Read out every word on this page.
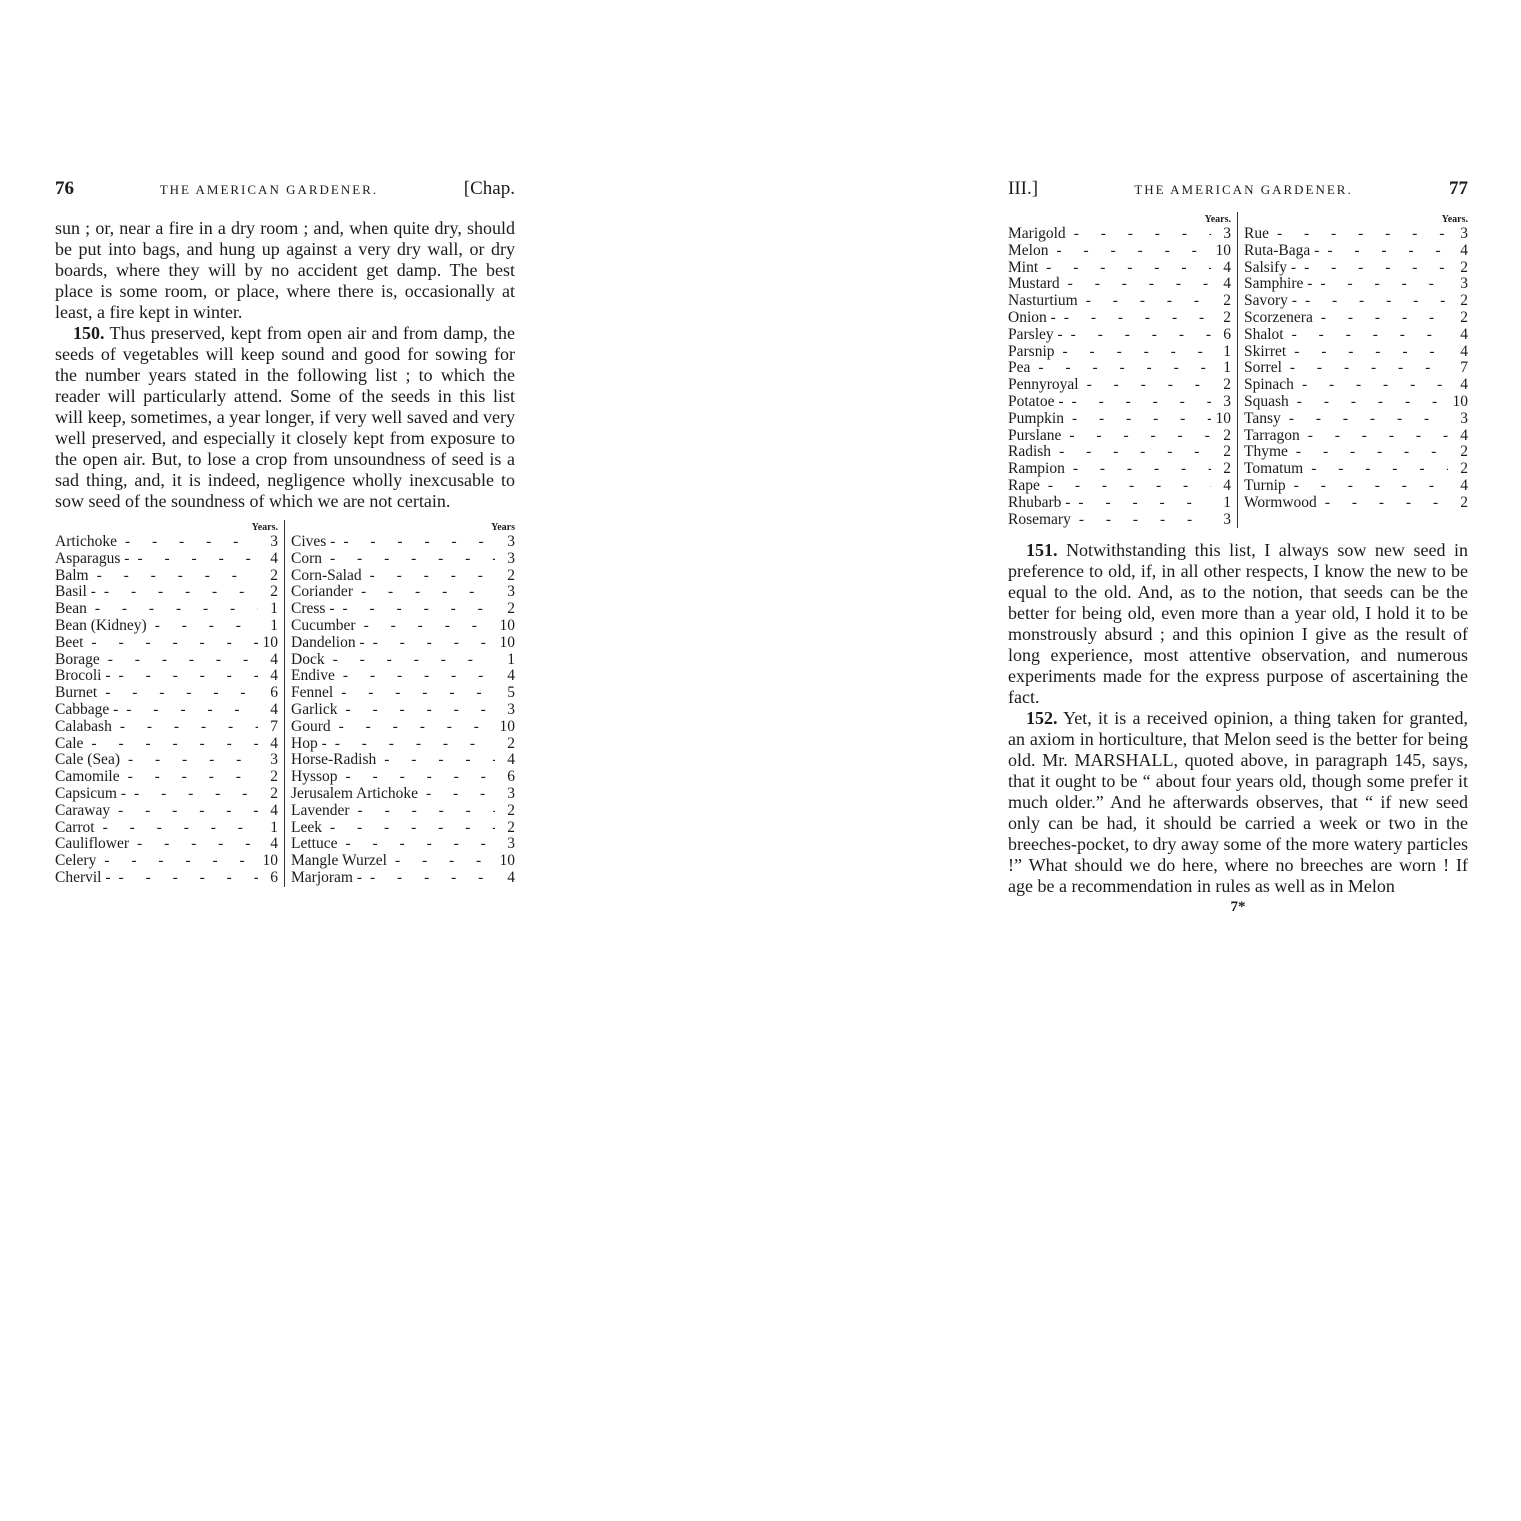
76	THE AMERICAN GARDENER.	[Chap.

sun ; or, near a fire in a dry room ; and, when quite dry, should be put into bags, and hung up against a very dry wall, or dry boards, where they will by no accident get damp. The best place is some room, or place, where there is, occasionally at least, a fire kept in winter.

150. Thus preserved, kept from open air and from damp, the seeds of vegetables will keep sound and good for sowing for the number years stated in the following list ; to which the reader will particularly attend. Some of the seeds in this list will keep, sometimes, a year longer, if very well saved and very well preserved, and especially it closely kept from exposure to the open air. But, to lose a crop from unsoundness of seed is a sad thing, and, it is indeed, negligence wholly inexcusable to sow seed of the soundness of which we are not certain.

Years.
Artichoke - - -	3
Asparagus - - - -	4
Balm - - -	2
Basil - - - -	2
Bean - - -	1
Bean (Kidney) - - -	1
Beet - - -	10
Borage - - -	4
Brocoli - - - -	4
Burnet - - -	6
Cabbage - - - -	4
Calabash - - -	7
Cale - - -	4
Cale (Sea) - - -	3
Camomile - - -	2
Capsicum - - - -	2
Caraway - - -	4
Carrot - - -	1
Cauliflower - - -	4
Celery - - -	10
Chervil - - - -	6
Years
Cives - - - -	3
Corn - - -	3
Corn-Salad - - -	2
Coriander - - -	3
Cress - - - -	2
Cucumber - - -	10
Dandelion - - - -	10
Dock - - -	1
Endive - - -	4
Fennel - - -	5
Garlick - - -	3
Gourd - - -	10
Hop - - - -	2
Horse-Radish - - -	4
Hyssop - - -	6
Jerusalem Artichoke - - -	3
Lavender - - -	2
Leek - - -	2
Lettuce - - -	3
Mangle Wurzel - - -	10
Marjoram - - - -	4
III.]	THE AMERICAN GARDENER.	77
Years.
Marigold - - -	3
Melon - - -	10
Mint - - -	4
Mustard - - -	4
Nasturtium - - -	2
Onion - - - -	2
Parsley - - - -	6
Parsnip - - -	1
Pea - - -	1
Pennyroyal - - -	2
Potatoe - - - -	3
Pumpkin - - -	10
Purslane - - -	2
Radish - - -	2
Rampion - - -	2
Rape - - -	4
Rhubarb - - - -	1
Rosemary - - -	3
Years.
Rue - - -	3
Ruta-Baga - - - -	4
Salsify - - - -	2
Samphire - - - -	3
Savory - - - -	2
Scorzenera - - -	2
Shalot - - -	4
Skirret - - -	4
Sorrel - - -	7
Spinach - - -	4
Squash - - -	10
Tansy - - -	3
Tarragon - - -	4
Thyme - - -	2
Tomatum - - -	2
Turnip - - -	4
Wormwood - - -	2

151. Notwithstanding this list, I always sow new seed in preference to old, if, in all other respects, I know the new to be equal to the old. And, as to the notion, that seeds can be the better for being old, even more than a year old, I hold it to be monstrously absurd ; and this opinion I give as the result of long experience, most attentive observation, and numerous experiments made for the express purpose of ascertaining the fact.

152. Yet, it is a received opinion, a thing taken for granted, an axiom in horticulture, that Melon seed is the better for being old. Mr. MARSHALL, quoted above, in paragraph 145, says, that it ought to be “ about four years old, though some prefer it much older.” And he afterwards observes, that “ if new seed only can be had, it should be carried a week or two in the breeches-pocket, to dry away some of the more watery particles !” What should we do here, where no breeches are worn ! If age be a recommendation in rules as well as in Melon

7*
